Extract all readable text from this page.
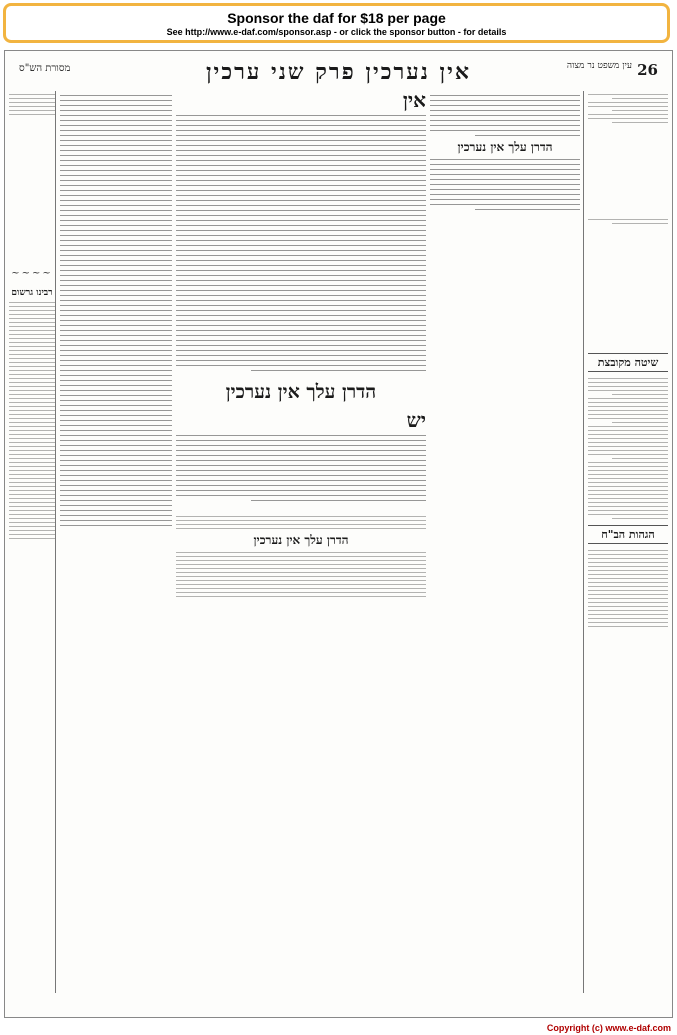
Sponsor the daf for $18 per page
See http://www.e-daf.com/sponsor.asp - or click the sponsor button - for details
26
אין נערכין פרק שני ערכין	עין משפט נר מצוה
מסורת הש"ס
שיטה מקובצת
הגהות הב"ח
הדרן עלך אין נערכין
אין
הדרן עלך אין נערכין
יש
הדרן עלך אין נערכין
~~~~
רבינו גרשום
Copyright (c) www.e-daf.com
